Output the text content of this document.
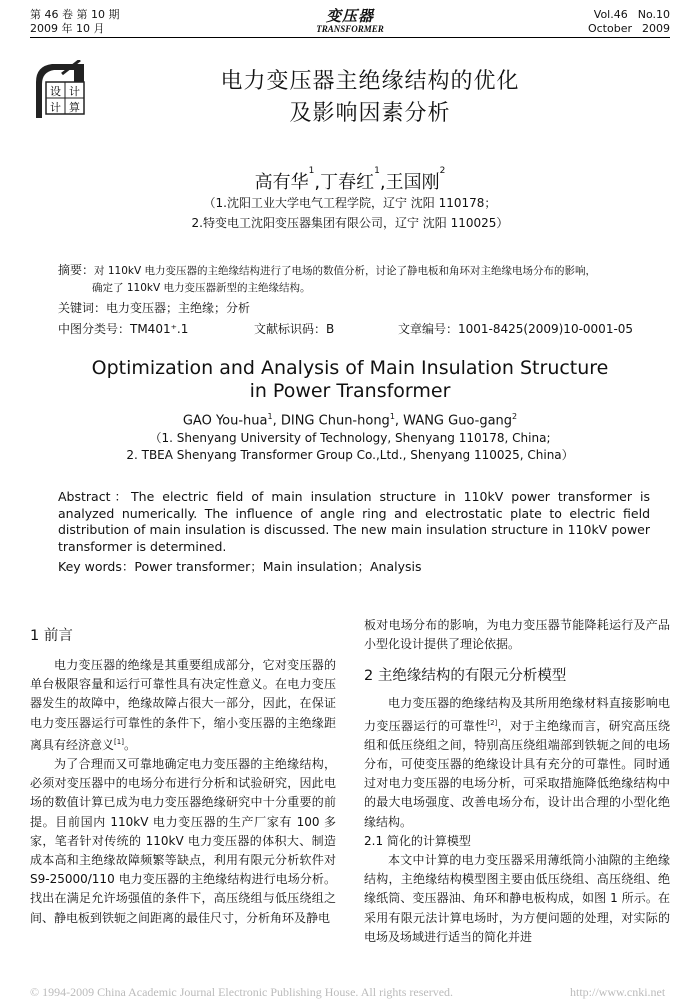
第 46 卷 第 10 期
2009 年 10 月
变压器
TRANSFORMER
Vol.46 No.10
October 2009
设 计
计 算
电力变压器主绝缘结构的优化
及影响因素分析
高有华$^1$,丁春红$^1$,王国刚$^2$
（1.沈阳工业大学电气工程学院，辽宁 沈阳 110178；
2.特变电工沈阳变压器集团有限公司，辽宁 沈阳 110025）
摘要：对 110kV 电力变压器的主绝缘结构进行了电场的数值分析，讨论了静电板和角环对主绝缘电场分布的影响，
确定了 110kV 电力变压器新型的主绝缘结构。
关键词：电力变压器；主绝缘；分析
中图分类号：TM401⁺.1	文献标识码：B	文章编号：1001-8425(2009)10-0001-05
Optimization and Analysis of Main Insulation Structure
in Power Transformer
GAO You-hua$^1$, DING Chun-hong$^1$, WANG Guo-gang$^2$
（1. Shenyang University of Technology, Shenyang 110178, China;
2. TBEA Shenyang Transformer Group Co.,Ltd., Shenyang 110025, China）
Abstract：The electric field of main insulation structure in 110kV power transformer is analyzed numerically. The influence of angle ring and electrostatic plate to electric field distribution of main insulation is discussed. The new main insulation structure in 110kV power transformer is determined.
Key words：Power transformer；Main insulation；Analysis
1 前言

电力变压器的绝缘是其重要组成部分，它对变压器的单台极限容量和运行可靠性具有决定性意义。在电力变压器发生的故障中，绝缘故障占很大一部分，因此，在保证电力变压器运行可靠性的条件下，缩小变压器的主绝缘距离具有经济意义[1]。

为了合理而又可靠地确定电力变压器的主绝缘结构，必须对变压器中的电场分布进行分析和试验研究，因此电场的数值计算已成为电力变压器绝缘研究中十分重要的前提。目前国内 110kV 电力变压器的生产厂家有 100 多家，笔者针对传统的 110kV 电力变压器的体积大、制造成本高和主绝缘故障频繁等缺点，利用有限元分析软件对 S9-25000/110 电力变压器的主绝缘结构进行电场分析。找出在满足允许场强值的条件下，高压绕组与低压绕组之间、静电板到铁轭之间距离的最佳尺寸，分析角环及静电

板对电场分布的影响，为电力变压器节能降耗运行及产品小型化设计提供了理论依据。

2 主绝缘结构的有限元分析模型

电力变压器的绝缘结构及其所用绝缘材料直接影响电力变压器运行的可靠性[2]，对于主绝缘而言，研究高压绕组和低压绕组之间，特别高压绕组端部到铁轭之间的电场分布，可使变压器的绝缘设计具有充分的可靠性。同时通过对电力变压器的电场分析，可采取措施降低绝缘结构中的最大电场强度、改善电场分布，设计出合理的小型化绝缘结构。

2.1 简化的计算模型

本文中计算的电力变压器采用薄纸筒小油隙的主绝缘结构，主绝缘结构模型图主要由低压绕组、高压绕组、绝缘纸筒、变压器油、角环和静电板构成，如图 1 所示。在采用有限元法计算电场时，为方便问题的处理，对实际的电场及场域进行适当的简化并进

© 1994-2009 China Academic Journal Electronic Publishing House. All rights reserved.	http://www.cnki.net
